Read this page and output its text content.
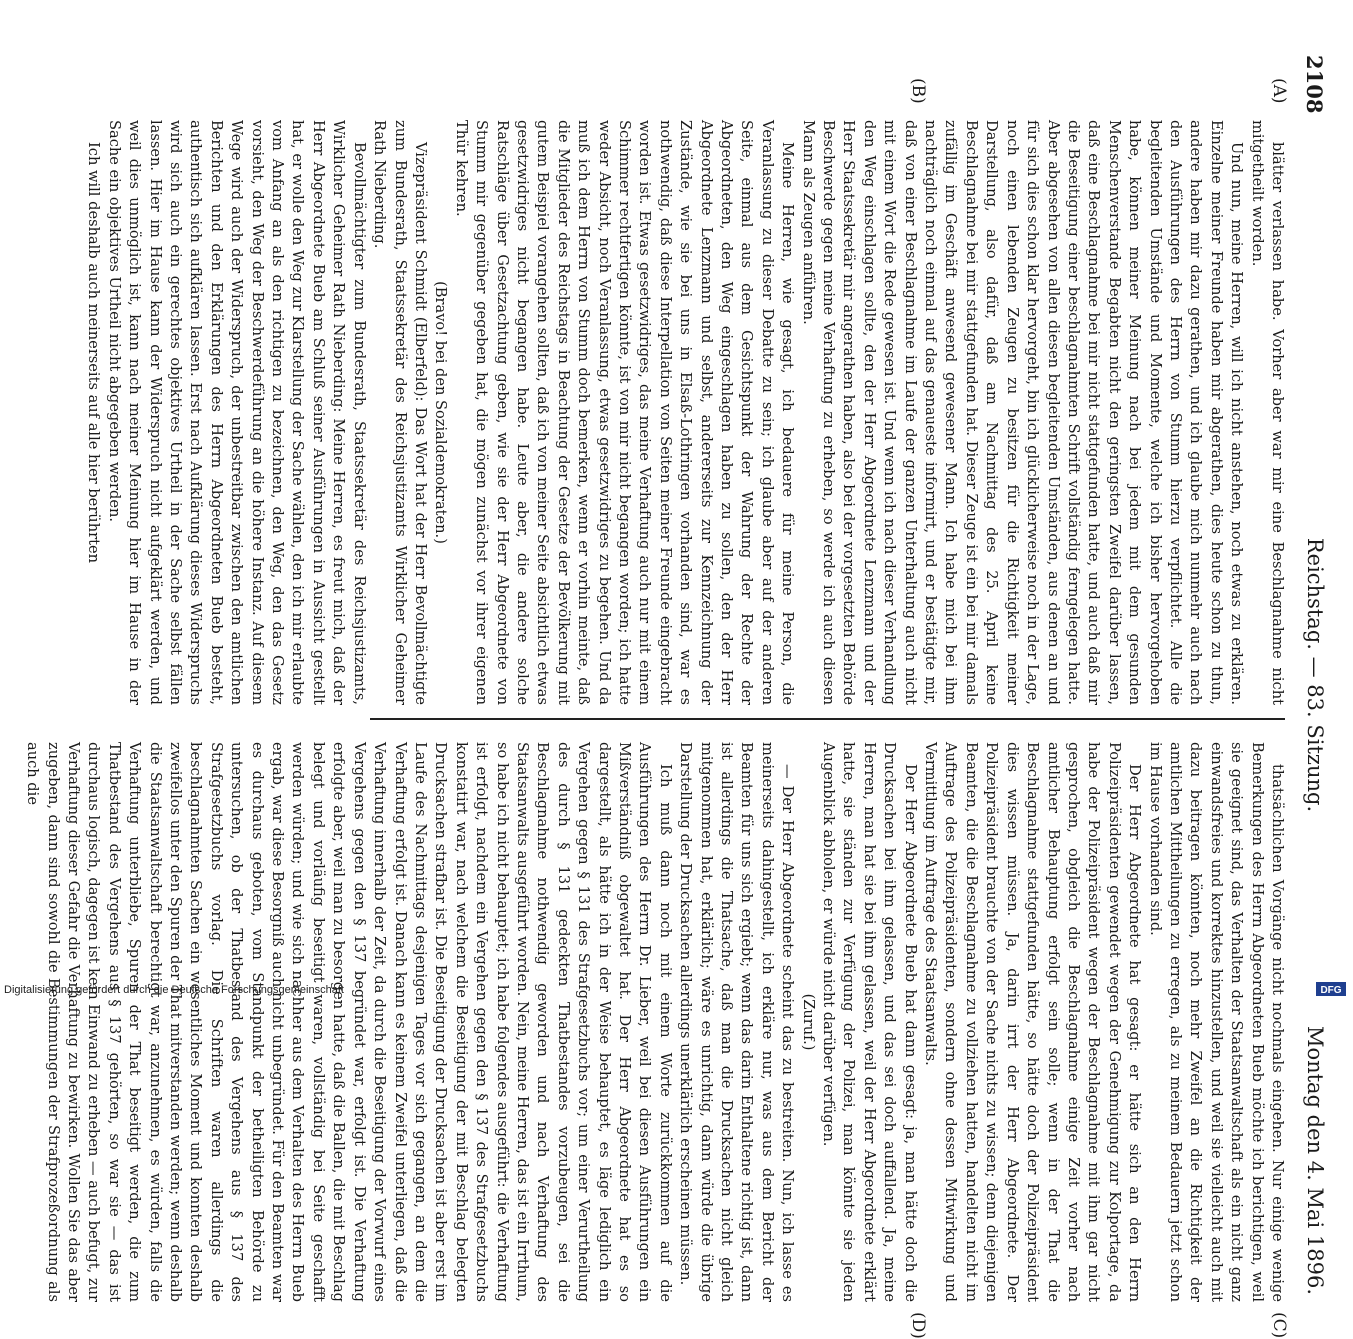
2108
Reichstag. — 83. Sitzung.
Montag den 4. Mai 1896.
(A)
(B)
(C)
(D)

blätter verlassen habe. Vorher aber war mir eine Beschlagnahme nicht mitgetheilt worden.

Und nun, meine Herren, will ich nicht anstehen, noch etwas zu erklären. Einzelne meiner Freunde haben mir abgerathen, dies heute schon zu thun, andere haben mir dazu gerathen, und ich glaube mich nunmehr auch nach den Ausführungen des Herrn von Stumm hierzu verpflichtet. Alle die begleitenden Umstände und Momente, welche ich bisher hervorgehoben habe, können meiner Meinung nach bei jedem mit dem gesunden Menschenverstande Begabten nicht den geringsten Zweifel darüber lassen, daß eine Beschlagnahme bei mir nicht stattgefunden hatte, und auch daß mir die Beseitigung einer beschlagnahmten Schrift vollständig ferngelegen hatte. Aber abgesehen von allen diesen begleitenden Umständen, aus denen an und für sich dies schon klar hervorgeht, bin ich glücklicherweise noch in der Lage, noch einen lebenden Zeugen zu besitzen für die Richtigkeit meiner Darstellung, also dafür, daß am Nachmittag des 25. April keine Beschlagnahme bei mir stattgefunden hat. Dieser Zeuge ist ein bei mir damals zufällig im Geschäft anwesend gewesener Mann. Ich habe mich bei ihm nachträglich noch einmal auf das genaueste informirt, und er bestätigte mir, daß von einer Beschlagnahme im Laufe der ganzen Unterhaltung auch nicht mit einem Wort die Rede gewesen ist. Und wenn ich nach dieser Verhandlung den Weg einschlagen sollte, den der Herr Abgeordnete Lenzmann und der Herr Staatssekretär mir angerathen haben, also bei der vorgesetzten Behörde Beschwerde gegen meine Verhaftung zu erheben, so werde ich auch diesen Mann als Zeugen anführen.

Meine Herren, wie gesagt, ich bedauere für meine Person, die Veranlassung zu dieser Debatte zu sein; ich glaube aber auf der anderen Seite, einmal aus dem Gesichtspunkt der Wahrung der Rechte der Abgeordneten, den Weg eingeschlagen haben zu sollen, den der Herr Abgeordnete Lenzmann und selbst, andererseits zur Kennzeichnung der Zustände, wie sie bei uns in Elsaß-Lothringen vorhanden sind, war es nothwendig, daß diese Interpellation von Seiten meiner Freunde eingebracht worden ist. Etwas gesetzwidriges, das meine Verhaftung auch nur mit einem Schimmer rechtfertigen könnte, ist von mir nicht begangen worden; ich hatte weder Absicht, noch Veranlassung, etwas gesetzwidriges zu begehen. Und da muß ich dem Herrn von Stumm doch bemerken, wenn er vorhin meinte, daß die Mitglieder des Reichstags in Beachtung der Gesetze der Bevölkerung mit gutem Beispiel vorangehen sollten, daß ich von meiner Seite absichtlich etwas gesetzwidriges nicht begangen habe. Leute aber, die andere solche Ratschläge über Gesetzachtung geben, wie sie der Herr Abgeordnete von Stumm mir gegenüber gegeben hat, die mögen zunächst vor ihrer eigenen Thür kehren.

(Bravo! bei den Sozialdemokraten.)

Vizepräsident Schmidt (Elberfeld): Das Wort hat der Herr Bevollmächtigte zum Bundesrath, Staatssekretär des Reichsjustizamts Wirklicher Geheimer Rath Nieberding.

Bevollmächtigter zum Bundesrath, Staatssekretär des Reichsjustizamts, Wirklicher Geheimer Rath Nieberding: Meine Herren, es freut mich, daß der Herr Abgeordnete Bueb am Schluß seiner Ausführungen in Aussicht gestellt hat, er wolle den Weg zur Klarstellung der Sache wählen, den ich mir erlaubte vom Anfang an als den richtigen zu bezeichnen, den Weg, den das Gesetz vorsieht, den Weg der Beschwerdeführung an die höhere Instanz. Auf diesem Wege wird auch der Widerspruch, der unbestreitbar zwischen den amtlichen Berichten und den Erklärungen des Herrn Abgeordneten Bueb besteht, authentisch sich aufklären lassen. Erst nach Aufklärung dieses Widerspruchs wird sich auch ein gerechtes objektives Urtheil in der Sache selbst fällen lassen. Hier im Hause kann der Widerspruch nicht aufgeklärt werden, und weil dies unmöglich ist, kann nach meiner Meinung hier im Hause in der Sache ein objektives Urtheil nicht abgegeben werden.

Ich will deshalb auch meinerseits auf alle hier berührten

thatsächlichen Vorgänge nicht nochmals eingehen. Nur einige wenige Bemerkungen des Herrn Abgeordneten Bueb möchte ich berichtigen, weil sie geeignet sind, das Verhalten der Staatsanwaltschaft als ein nicht ganz einwandsfreies und korrektes hinzustellen, und weil sie vielleicht auch mit dazu beitragen könnten, noch mehr Zweifel an die Richtigkeit der amtlichen Mittheilungen zu erregen, als zu meinem Bedauern jetzt schon im Hause vorhanden sind.

Der Herr Abgeordnete hat gesagt: er hätte sich an den Herrn Polizeipräsidenten gewendet wegen der Genehmigung zur Kolportage, da habe der Polizeipräsident wegen der Beschlagnahme mit ihm gar nicht gesprochen, obgleich die Beschlagnahme einige Zeit vorher nach amtlicher Behauptung erfolgt sein solle; wenn in der That die Beschlagnahme stattgefunden hätte, so hätte doch der Polizeipräsident dies wissen müssen. Ja, darin irrt der Herr Abgeordnete. Der Polizeipräsident brauchte von der Sache nichts zu wissen; denn diejenigen Beamten, die die Beschlagnahme zu vollziehen hatten, handelten nicht im Auftrage des Polizeipräsidenten, sondern ohne dessen Mitwirkung und Vermittlung im Auftrage des Staatsanwalts.

Der Herr Abgeordnete Bueb hat dann gesagt: ja, man hätte doch die Drucksachen bei ihm gelassen, und das sei doch auffallend. Ja, meine Herren, man hat sie bei ihm gelassen, weil der Herr Abgeordnete erklärt hatte, sie ständen zur Verfügung der Polizei, man könnte sie jeden Augenblick abholen, er würde nicht darüber verfügen.

(Zuruf.)

— Der Herr Abgeordnete scheint das zu bestreiten. Nun, ich lasse es meinerseits dahingestellt, ich erkläre nur, was aus dem Bericht der Beamten für uns sich ergiebt; wenn das darin Enthaltene richtig ist, dann ist allerdings die Thatsache, daß man die Drucksachen nicht gleich mitgenommen hat, erklärlich; wäre es unrichtig, dann würde die übrige Darstellung der Drucksachen allerdings unerklärlich erscheinen müssen.

Ich muß dann noch mit einem Worte zurückkommen auf die Ausführungen des Herrn Dr. Lieber, weil bei diesen Ausführungen ein Mißverständniß obgewaltet hat. Der Herr Abgeordnete hat es so dargestellt, als hätte ich in der Weise behauptet, es läge lediglich ein Vergehen gegen § 131 des Strafgesetzbuchs vor; um einer Verurtheilung des durch § 131 gedeckten Thatbestandes vorzubeugen, sei die Beschlagnahme nothwendig geworden und nach Verhaftung des Staatsanwalts ausgeführt worden. Nein, meine Herren, das ist ein Irrthum, so habe ich nicht behauptet; ich habe folgendes ausgeführt: die Verhaftung ist erfolgt, nachdem ein Vergehen gegen den § 137 des Strafgesetzbuchs konstatirt war, nach welchem die Beseitigung der mit Beschlag belegten Drucksachen strafbar ist. Die Beseitigung der Drucksachen ist aber erst im Laufe des Nachmittags desjenigen Tages vor sich gegangen, an dem die Verhaftung erfolgt ist. Danach kann es keinem Zweifel unterliegen, daß die Verhaftung innerhalb der Zeit, da durch die Beseitigung der Vorwurf eines Vergehens gegen den § 137 begründet war, erfolgt ist. Die Verhaftung erfolgte aber, weil man zu besorgen hatte, daß die Ballen, die mit Beschlag belegt und vorläufig beseitigt waren, vollständig bei Seite geschafft werden würden; und wie sich nachher aus dem Verhalten des Herrn Bueb ergab, war diese Besorgniß auch nicht unbegründet. Für den Beamten war es durchaus geboten, vom Standpunkt der betheiligten Behörde zu untersuchen, ob der Thatbestand des Vergehens aus § 137 des Strafgesetzbuchs vorlag. Die Schriften waren allerdings die beschlagnahmten Sachen ein wesentliches Moment und konnten deshalb zweifellos unter den Spuren der That mitverstanden werden; wenn deshalb die Staatsanwaltschaft berechtigt war, anzunehmen, es würden, falls die Verhaftung unterbliebe, Spuren der That beseitigt werden, die zum Thatbestand des Vergehens aus § 137 gehörten, so war sie — das ist durchaus logisch, dagegen ist kein Einwand zu erheben — auch befugt, zur Verhaftung dieser Gefahr die Verhaftung zu bewirken. Wollen Sie das aber zugeben, dann sind sowohl die Bestimmungen der Strafprozeßordnung als auch die

Digitalisierung gefördert durch die Deutsche Forschungsgemeinschaft	DFG
